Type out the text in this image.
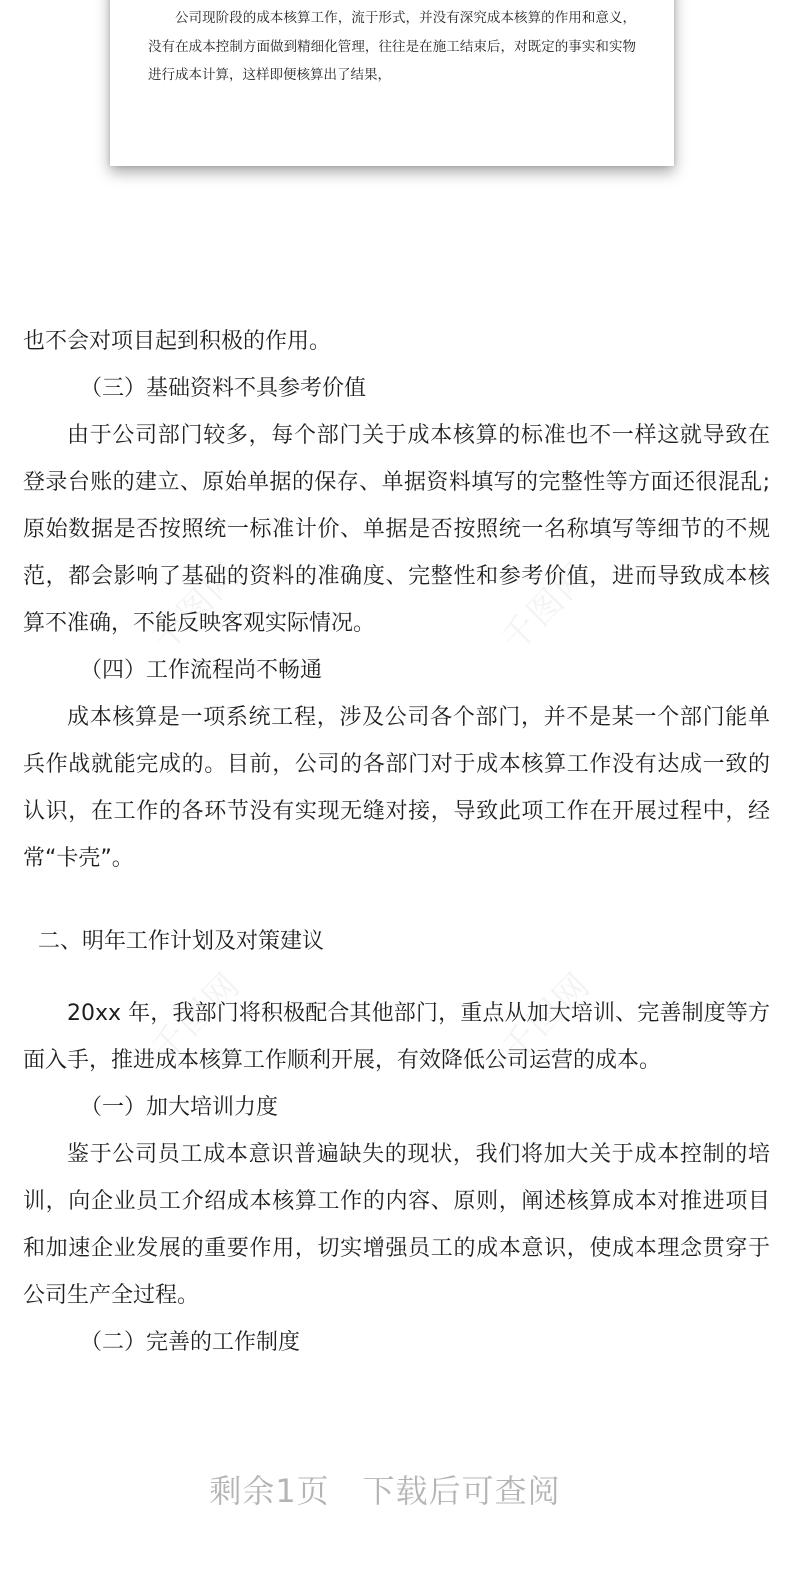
公司现阶段的成本核算工作，流于形式，并没有深究成本核算的作用和意义，没有在成本控制方面做到精细化管理，往往是在施工结束后，对既定的事实和实物进行成本计算，这样即便核算出了结果，

千图网	千图网
千图网	千图网

也不会对项目起到积极的作用。

（三）基础资料不具参考价值

由于公司部门较多，每个部门关于成本核算的标准也不一样这就导致在登录台账的建立、原始单据的保存、单据资料填写的完整性等方面还很混乱;原始数据是否按照统一标准计价、单据是否按照统一名称填写等细节的不规范，都会影响了基础的资料的准确度、完整性和参考价值，进而导致成本核算不准确，不能反映客观实际情况。

（四）工作流程尚不畅通

成本核算是一项系统工程，涉及公司各个部门，并不是某一个部门能单兵作战就能完成的。目前，公司的各部门对于成本核算工作没有达成一致的认识，在工作的各环节没有实现无缝对接，导致此项工作在开展过程中，经常“卡壳”。

二、明年工作计划及对策建议

20xx 年，我部门将积极配合其他部门，重点从加大培训、完善制度等方面入手，推进成本核算工作顺利开展，有效降低公司运营的成本。

（一）加大培训力度

鉴于公司员工成本意识普遍缺失的现状，我们将加大关于成本控制的培训，向企业员工介绍成本核算工作的内容、原则，阐述核算成本对推进项目和加速企业发展的重要作用，切实增强员工的成本意识，使成本理念贯穿于公司生产全过程。

（二）完善的工作制度

剩余1页　下载后可查阅
